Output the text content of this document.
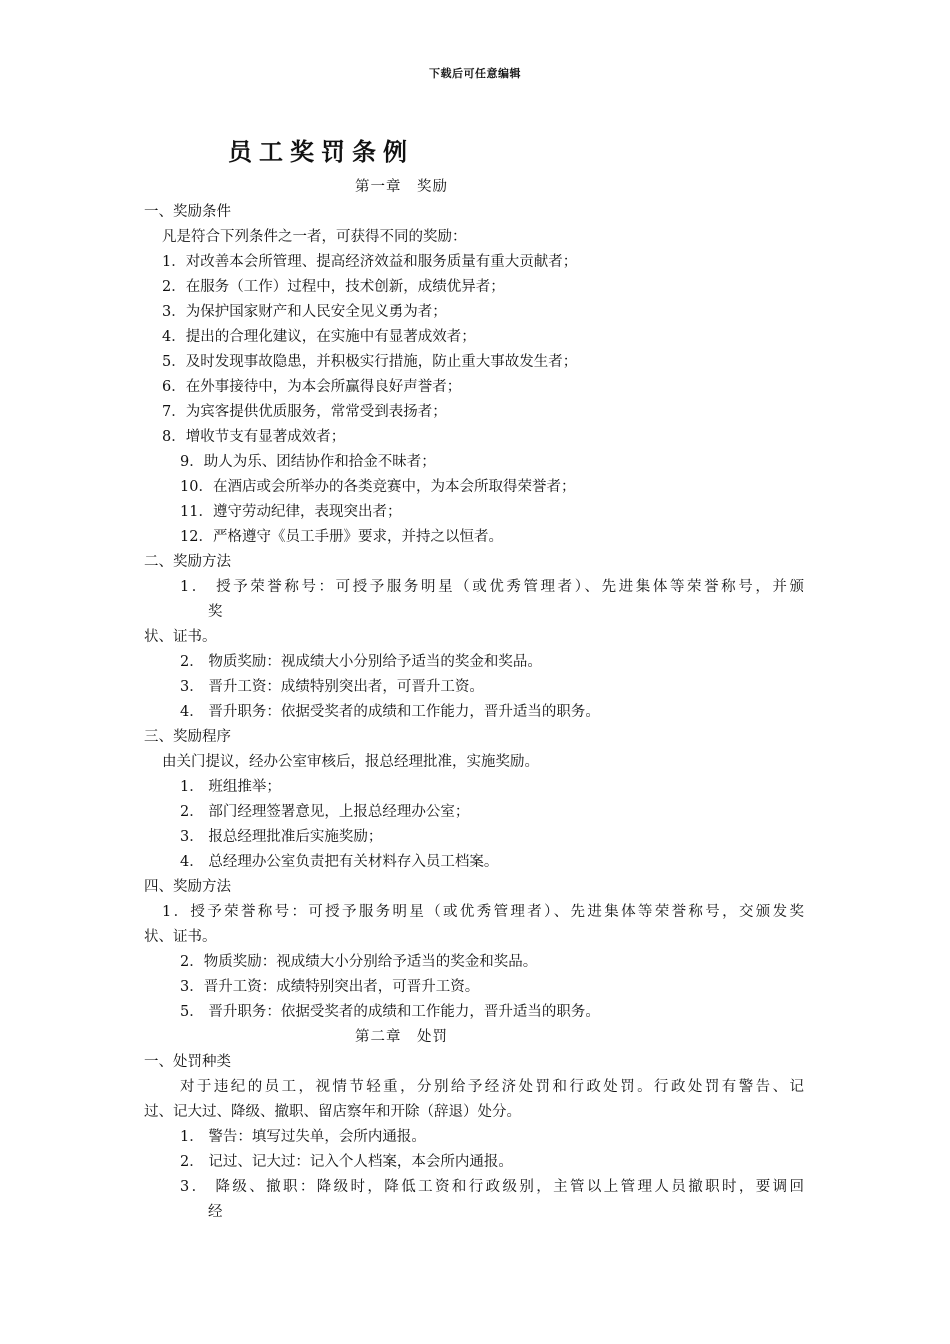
下载后可任意编辑
员工奖罚条例
第一章　奖励
一、奖励条件
凡是符合下列条件之一者，可获得不同的奖励：
1．对改善本会所管理、提高经济效益和服务质量有重大贡献者；
2．在服务（工作）过程中，技术创新，成绩优异者；
3．为保护国家财产和人民安全见义勇为者；
4．提出的合理化建议，在实施中有显著成效者；
5．及时发现事故隐患，并积极实行措施，防止重大事故发生者；
6．在外事接待中，为本会所赢得良好声誉者；
7．为宾客提供优质服务，常常受到表扬者；
8．增收节支有显著成效者；
9．助人为乐、团结协作和拾金不昧者；
10．在酒店或会所举办的各类竞赛中，为本会所取得荣誉者；
11．遵守劳动纪律，表现突出者；
12．严格遵守《员工手册》要求，并持之以恒者。
二、奖励方法
1． 授予荣誉称号：可授予服务明星（或优秀管理者）、先进集体等荣誉称号，并颁
奖
状、证书。
2． 物质奖励：视成绩大小分别给予适当的奖金和奖品。
3． 晋升工资：成绩特别突出者，可晋升工资。
4． 晋升职务：依据受奖者的成绩和工作能力，晋升适当的职务。
三、奖励程序
由关门提议，经办公室审核后，报总经理批准，实施奖励。
1． 班组推举；
2． 部门经理签署意见，上报总经理办公室；
3． 报总经理批准后实施奖励；
4． 总经理办公室负责把有关材料存入员工档案。
四、奖励方法
1．授予荣誉称号：可授予服务明星（或优秀管理者）、先进集体等荣誉称号，交颁发奖
状、证书。
2．物质奖励：视成绩大小分别给予适当的奖金和奖品。
3．晋升工资：成绩特别突出者，可晋升工资。
5． 晋升职务：依据受奖者的成绩和工作能力，晋升适当的职务。
第二章　处罚
一、处罚种类
对于违纪的员工，视情节轻重，分别给予经济处罚和行政处罚。行政处罚有警告、记
过、记大过、降级、撤职、留店察年和开除（辞退）处分。
1． 警告：填写过失单，会所内通报。
2． 记过、记大过：记入个人档案，本会所内通报。
3． 降级、撤职：降级时，降低工资和行政级别，主管以上管理人员撤职时，要调回
经
